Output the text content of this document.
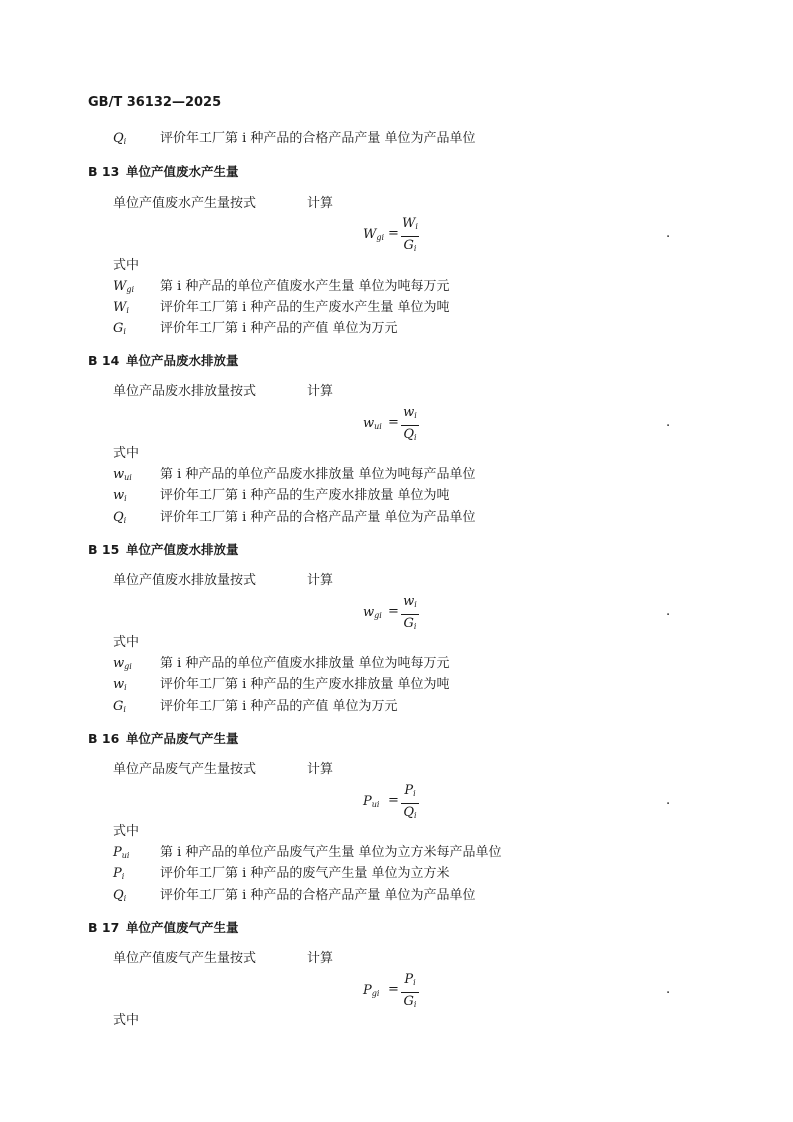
GB/T 36132—2025
$Q_i$	评价年工厂第 i 种产品的合格产品产量 单位为产品单位
B 13 单位产值废水产生量
单位产值废水产生量按式	计算
$W_{gi}$ =
$W_i$
$G_i$
.
式中
$W_{gi}$ 第 i 种产品的单位产值废水产生量 单位为吨每万元
$W_i$ 评价年工厂第 i 种产品的生产废水产生量 单位为吨
$G_i$	评价年工厂第 i 种产品的产值 单位为万元
B 14 单位产品废水排放量
单位产品废水排放量按式	计算
$w_{ui}$ =
$w_i$
$Q_i$
.
式中
$w_{ui}$ 第 i 种产品的单位产品废水排放量 单位为吨每产品单位
$w_i$	评价年工厂第 i 种产品的生产废水排放量 单位为吨
$Q_i$	评价年工厂第 i 种产品的合格产品产量 单位为产品单位
B 15 单位产值废水排放量
单位产值废水排放量按式	计算
$w_{gi}$ =
$w_i$
$G_i$
.
式中
$w_{gi}$ 第 i 种产品的单位产值废水排放量 单位为吨每万元
$w_i$	评价年工厂第 i 种产品的生产废水排放量 单位为吨
$G_i$	评价年工厂第 i 种产品的产值 单位为万元
B 16 单位产品废气产生量
单位产品废气产生量按式	计算
$P_{ui}$ =
$P_i$
$Q_i$
.
式中
$P_{ui}$ 第 i 种产品的单位产品废气产生量 单位为立方米每产品单位
$P_i$	评价年工厂第 i 种产品的废气产生量 单位为立方米
$Q_i$	评价年工厂第 i 种产品的合格产品产量 单位为产品单位
B 17 单位产值废气产生量
单位产值废气产生量按式	计算
$P_{gi}$ =
$P_i$
$G_i$
.
式中
